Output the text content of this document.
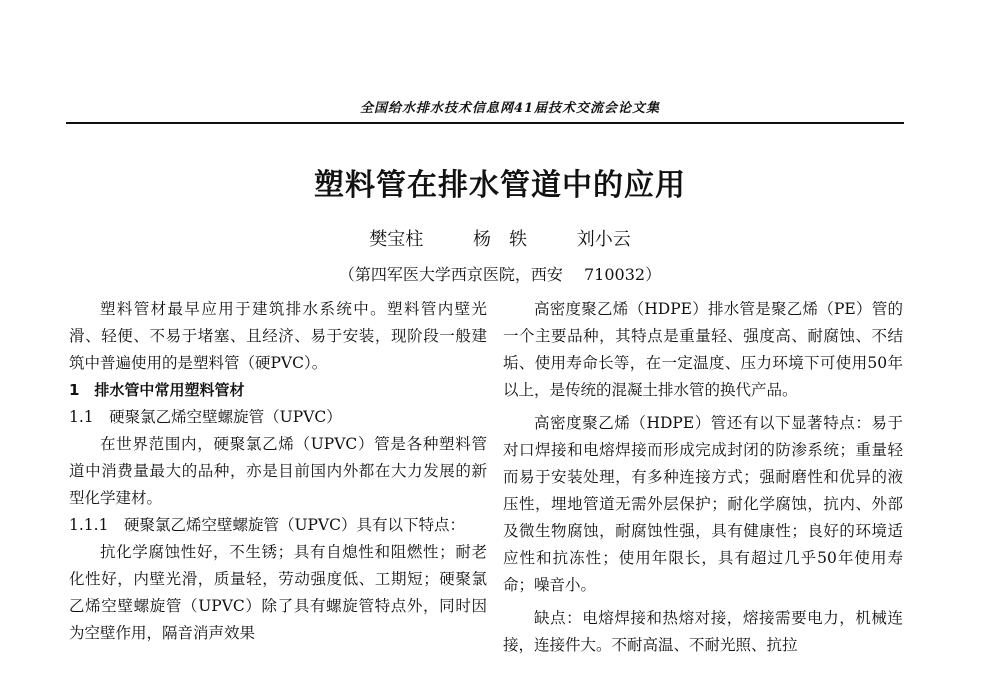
全国给水排水技术信息网41届技术交流会论文集
塑料管在排水管道中的应用
樊宝柱	杨　轶	刘小云
（第四军医大学西京医院，西安　 710032）

塑料管材最早应用于建筑排水系统中。塑料管内壁光滑、轻便、不易于堵塞、且经济、易于安装，现阶段一般建筑中普遍使用的是塑料管（硬PVC）。

1　排水管中常用塑料管材

1.1　硬聚氯乙烯空壁螺旋管（UPVC）

在世界范围内，硬聚氯乙烯（UPVC）管是各种塑料管道中消费量最大的品种，亦是目前国内外都在大力发展的新型化学建材。

1.1.1　硬聚氯乙烯空壁螺旋管（UPVC）具有以下特点：

抗化学腐蚀性好，不生锈；具有自熄性和阻燃性；耐老化性好，内壁光滑，质量轻，劳动强度低、工期短；硬聚氯乙烯空壁螺旋管（UPVC）除了具有螺旋管特点外，同时因为空壁作用，隔音消声效果

高密度聚乙烯（HDPE）排水管是聚乙烯（PE）管的一个主要品种，其特点是重量轻、强度高、耐腐蚀、不结垢、使用寿命长等，在一定温度、压力环境下可使用50年以上，是传统的混凝土排水管的换代产品。

高密度聚乙烯（HDPE）管还有以下显著特点：易于对口焊接和电熔焊接而形成完成封闭的防渗系统；重量轻而易于安装处理，有多种连接方式；强耐磨性和优异的液压性，埋地管道无需外层保护；耐化学腐蚀，抗内、外部及微生物腐蚀，耐腐蚀性强，具有健康性；良好的环境适应性和抗冻性；使用年限长，具有超过几乎50年使用寿命；噪音小。

缺点：电熔焊接和热熔对接，熔接需要电力，机械连接，连接件大。不耐高温、不耐光照、抗拉
